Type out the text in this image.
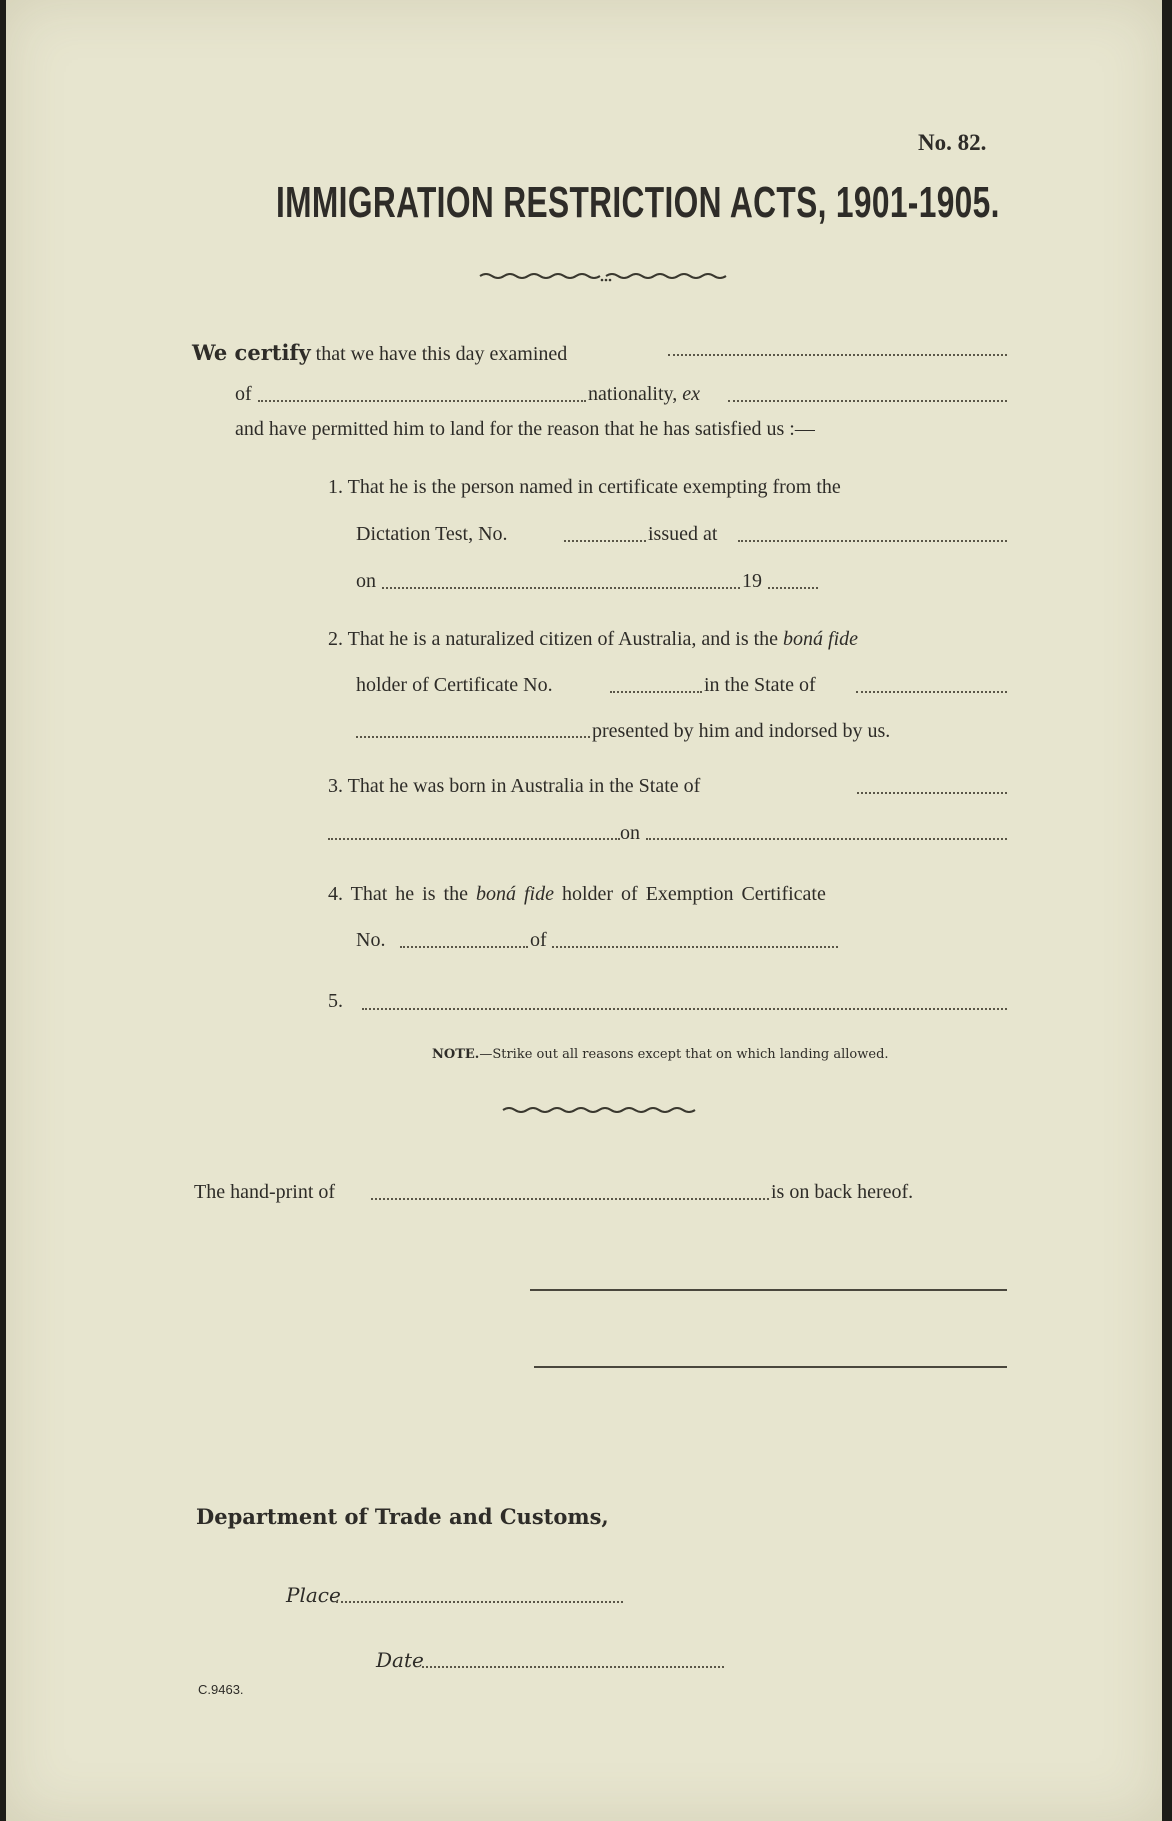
No. 82.
IMMIGRATION RESTRICTION ACTS, 1901-1905.
We certify that we have this day examined
of	nationality, ex
and have permitted him to land for the reason that he has satisfied us :—
1. That he is the person named in certificate exempting from the
Dictation Test, No.	issued at
on	19
2. That he is a naturalized citizen of Australia, and is the boná fide
holder of Certificate No.	in the State of
presented by him and indorsed by us.
3. That he was born in Australia in the State of
on
4. That he is the boná fide holder of Exemption Certificate
No.	of
5.
NOTE.—Strike out all reasons except that on which landing allowed.
The hand-print of	is on back hereof.
Department of Trade and Customs,
Place
Date
C.9463.
